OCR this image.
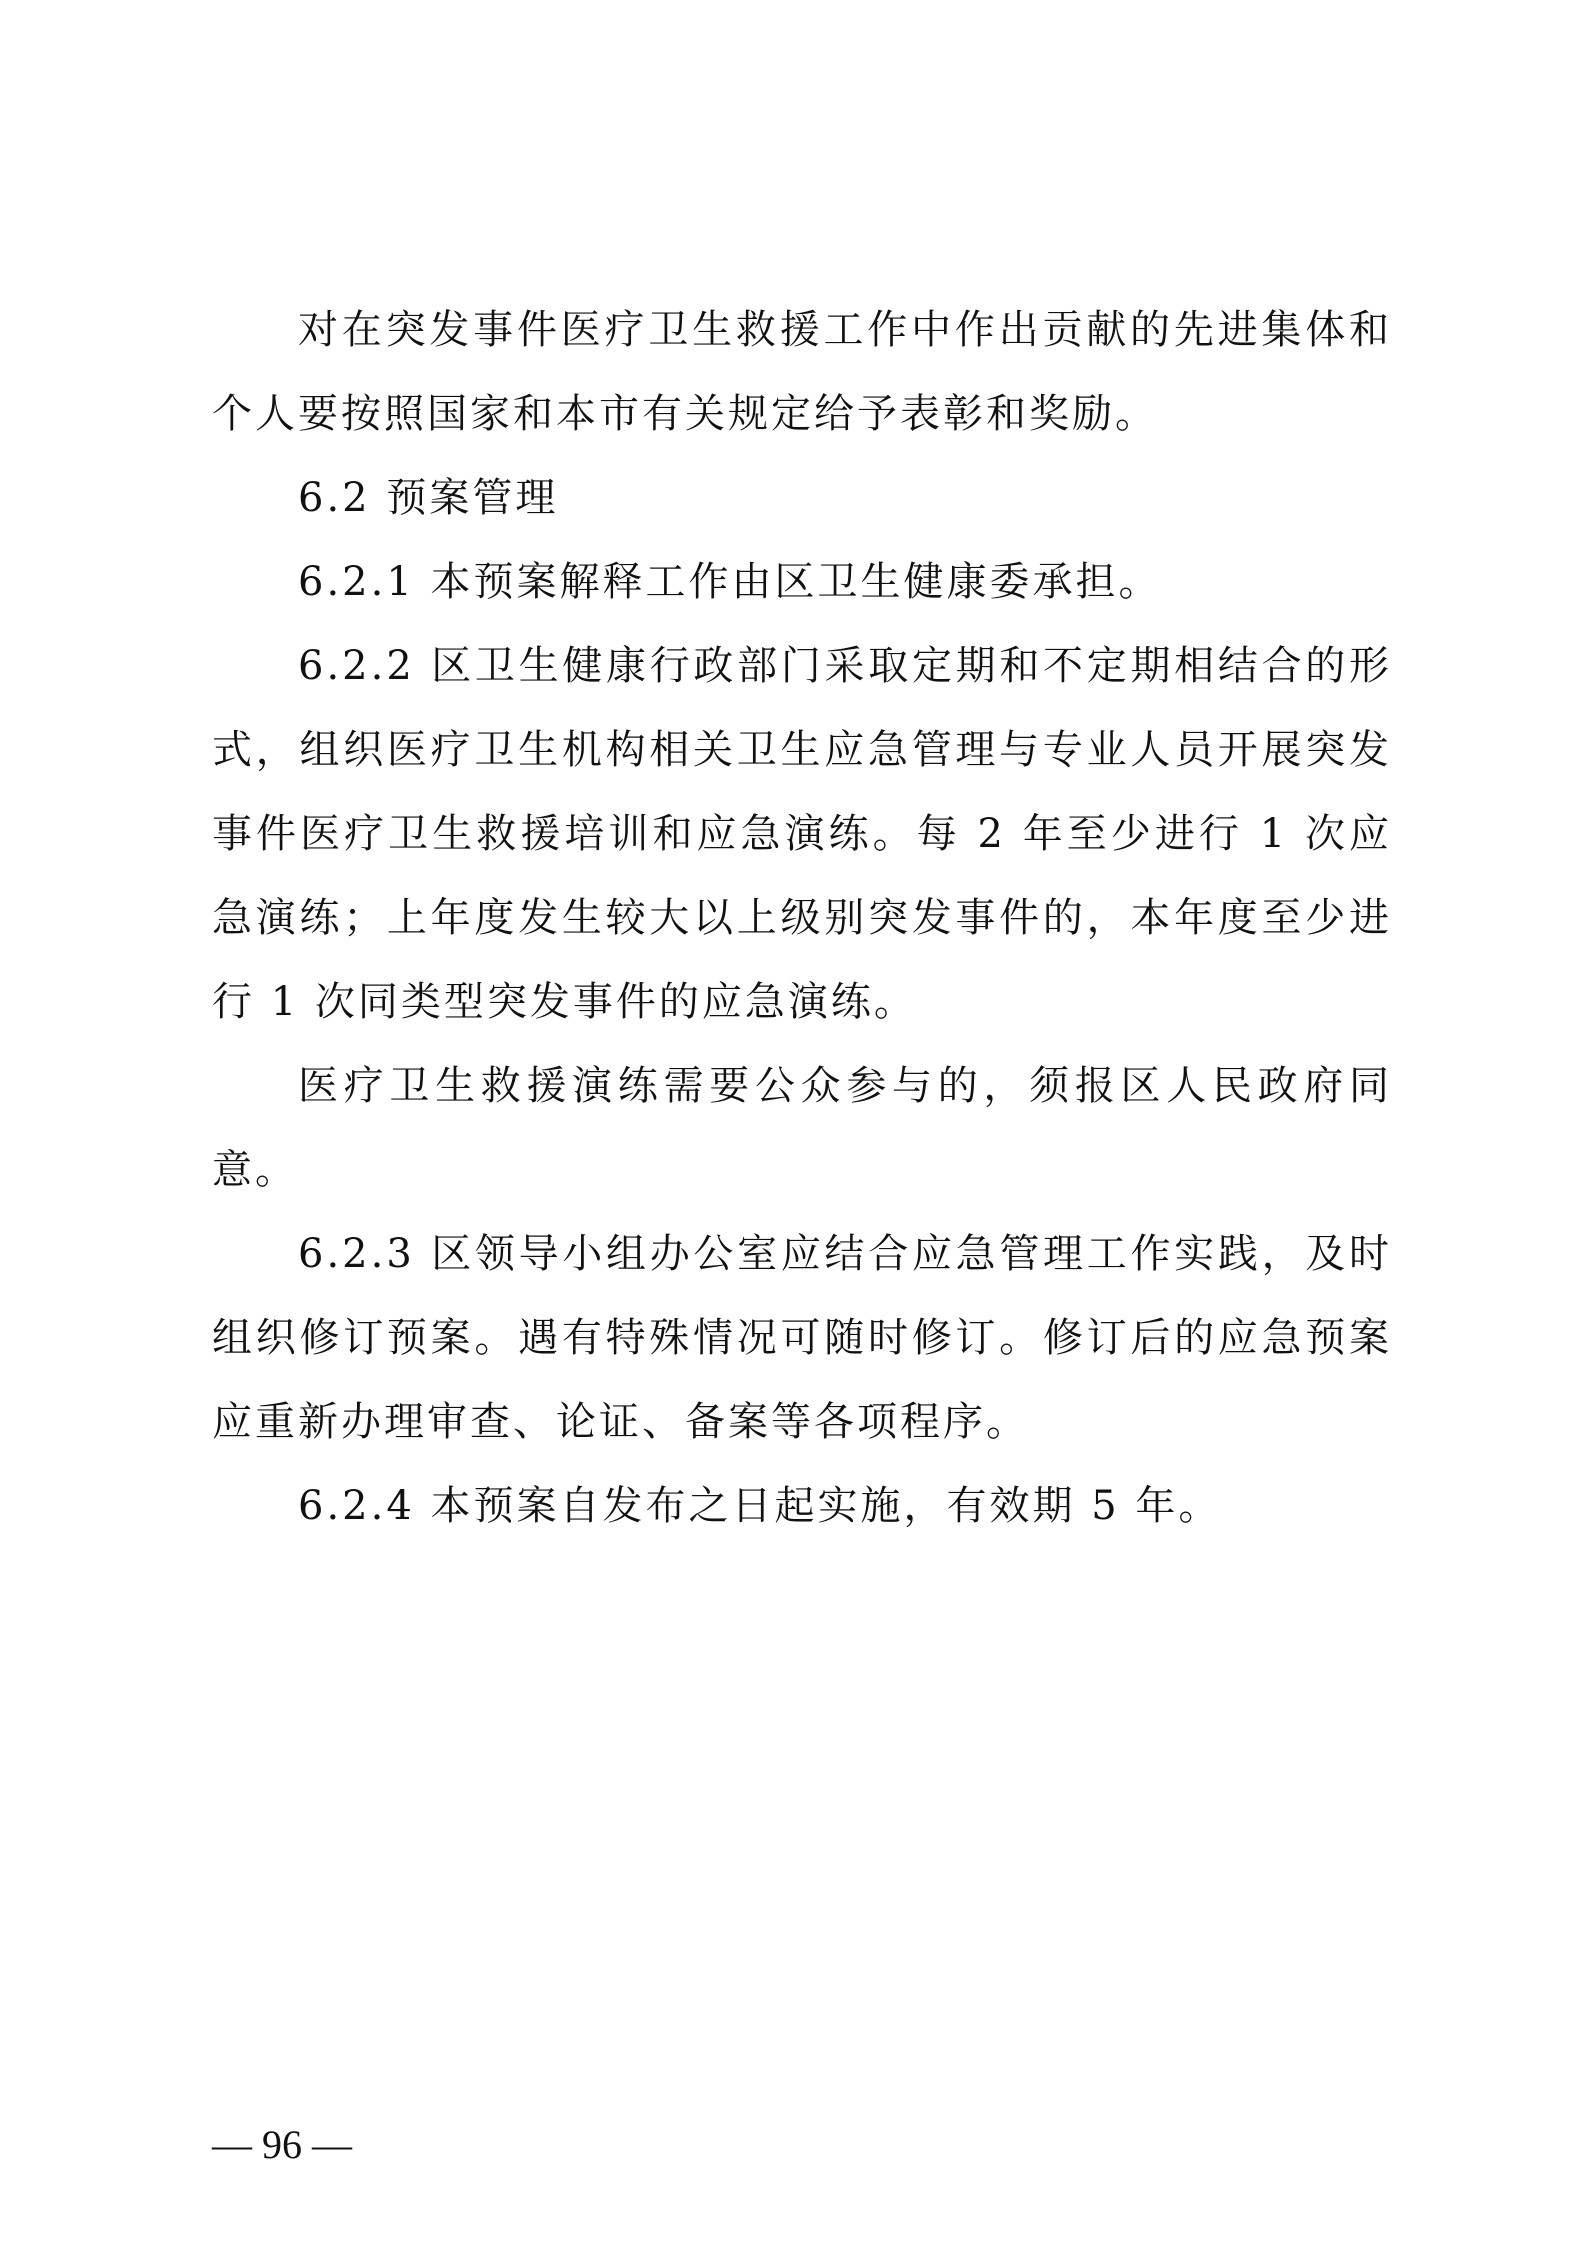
对在突发事件医疗卫生救援工作中作出贡献的先进集体和个人要按照国家和本市有关规定给予表彰和奖励。

6.2 预案管理

6.2.1 本预案解释工作由区卫生健康委承担。

6.2.2 区卫生健康行政部门采取定期和不定期相结合的形式，组织医疗卫生机构相关卫生应急管理与专业人员开展突发事件医疗卫生救援培训和应急演练。每 2 年至少进行 1 次应急演练；上年度发生较大以上级别突发事件的，本年度至少进行 1 次同类型突发事件的应急演练。

医疗卫生救援演练需要公众参与的，须报区人民政府同意。

6.2.3 区领导小组办公室应结合应急管理工作实践，及时组织修订预案。遇有特殊情况可随时修订。修订后的应急预案应重新办理审查、论证、备案等各项程序。

6.2.4 本预案自发布之日起实施，有效期 5 年。

— 96 —
